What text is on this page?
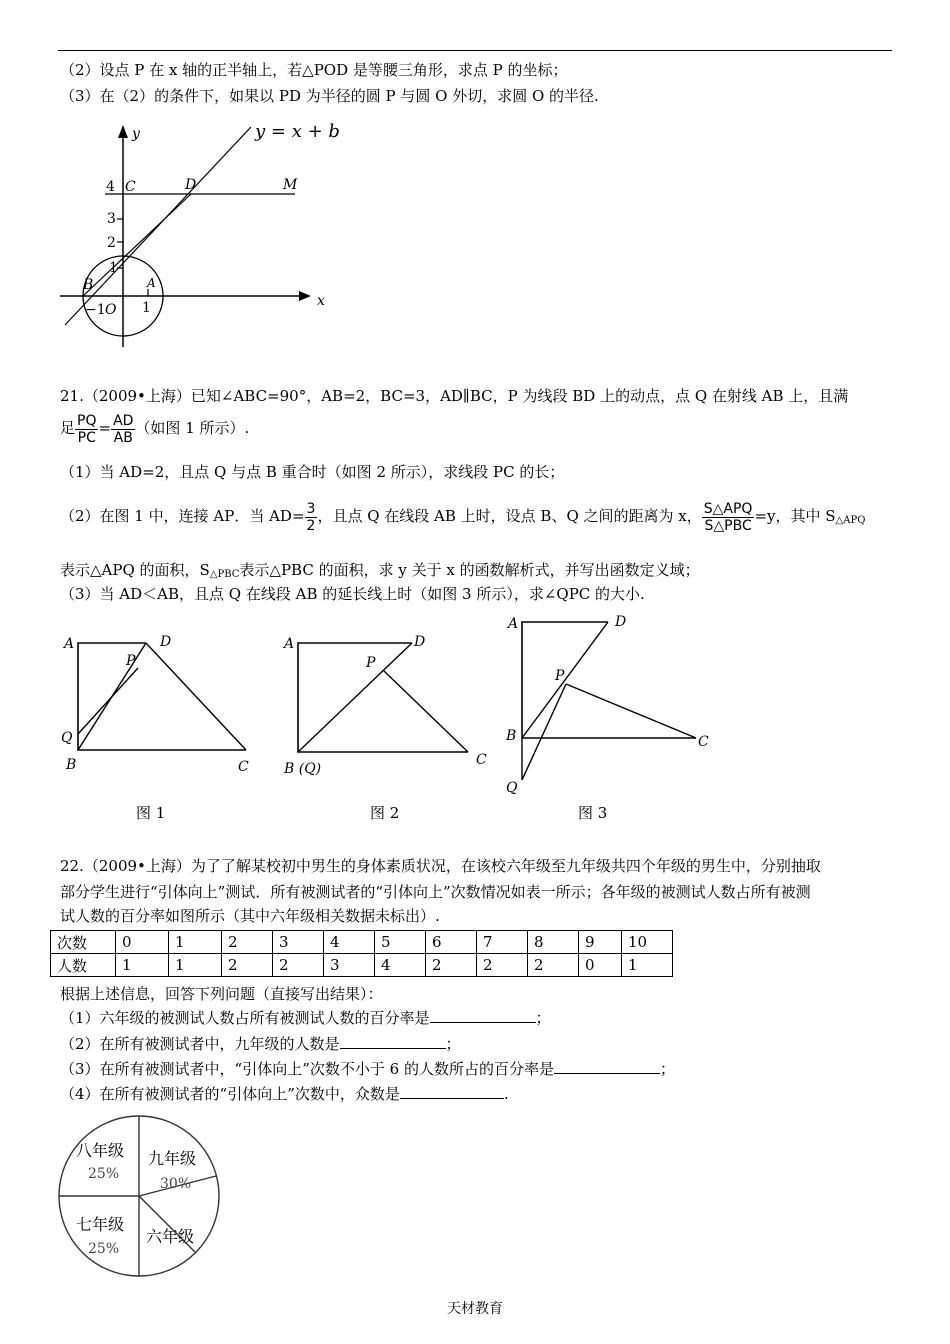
（2）设点 P 在 x 轴的正半轴上，若△POD 是等腰三角形，求点 P 的坐标；
（3）在（2）的条件下，如果以 PD 为半径的圆 P 与圆 O 外切，求圆 O 的半径.
y = x + b
y
x
4 C	D	M
3
2
1
B	A
−1 O 1
21.（2009•上海）已知∠ABC=90°，AB=2，BC=3，AD∥BC，P 为线段 BD 上的动点，点 Q 在射线 AB 上，且满
足 $\frac{PQ}{PC} = \frac{AD}{AB}$ （如图 1 所示）.
（1）当 AD=2，且点 Q 与点 B 重合时（如图 2 所示），求线段 PC 的长；
（2）在图 1 中，连接 AP．当 $AD= \frac{3}{2}$ ，且点 Q 在线段 AB 上时，设点 B、Q 之间的距离为 x， $\frac{\text{S△APQ}}{\text{S△PBC}} =y$，其中 $S_{\triangle APQ}$
表示△APQ 的面积，$S_{\triangle PBC}$表示△PBC 的面积，求 y 关于 x 的函数解析式，并写出函数定义域；
（3）当 AD＜AB，且点 Q 在线段 AB 的延长线上时（如图 3 所示），求∠QPC 的大小.
A	D
P
Q
B	C
图 1
A	D
P
B (Q)
C
图 2
A	D
P
B	C
Q
图 3
22.（2009•上海）为了了解某校初中男生的身体素质状况，在该校六年级至九年级共四个年级的男生中，分别抽取
部分学生进行“引体向上”测试．所有被测试者的“引体向上”次数情况如表一所示；各年级的被测试人数占所有被测
试人数的百分率如图所示（其中六年级相关数据未标出）.
次数	0	1	2	3	4	5	6	7	8	9	10
人数	1	1	2	2	3	4	2	2	2	0	1
根据上述信息，回答下列问题（直接写出结果）：
（1）六年级的被测试人数占所有被测试人数的百分率是	；
（2）在所有被测试者中，九年级的人数是	；
（3）在所有被测试者中，“引体向上”次数不小于 6 的人数所占的百分率是	；
（4）在所有被测试者的“引体向上”次数中，众数是	.
八年级
25%
九年级
30%
七年级
25%
六年级
天材教育
